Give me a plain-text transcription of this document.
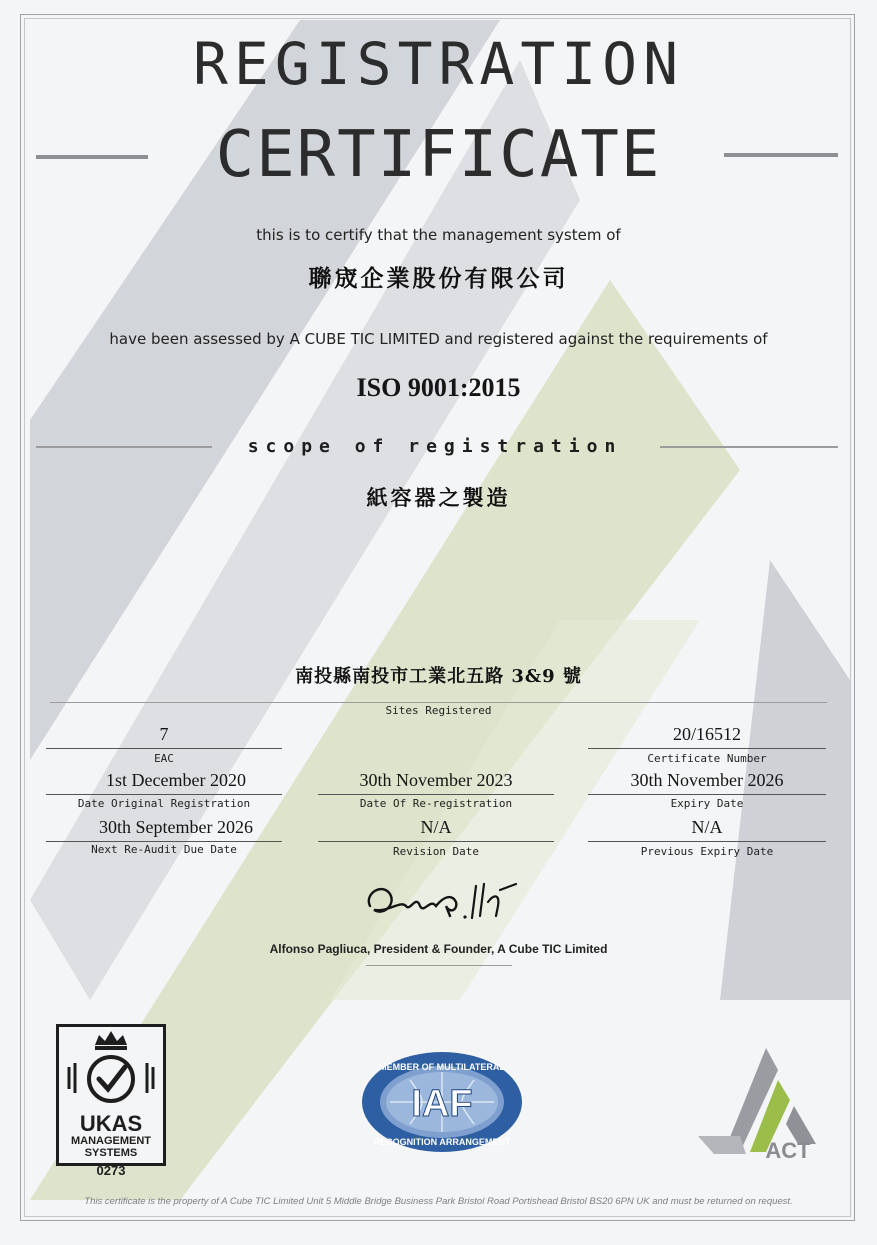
REGISTRATION
CERTIFICATE
this is to certify that the management system of
聯宬企業股份有限公司
have been assessed by A CUBE TIC LIMITED and registered against the requirements of
ISO 9001:2015
scope of registration
紙容器之製造
南投縣南投市工業北五路 3&9 號
Sites Registered
7
EAC
20/16512
Certificate Number
1st December 2020
Date Original Registration
30th November 2023
Date Of Re-registration
30th November 2026
Expiry Date
30th September 2026
Next Re-Audit Due Date
N/A
Revision Date
N/A
Previous Expiry Date
Alfonso Pagliuca, President & Founder, A Cube TIC Limited
UKAS
MANAGEMENT
SYSTEMS
0273
MEMBER OF MULTILATERAL
RECOGNITION ARRANGEMENT
IAF
ACT
This certificate is the property of A Cube TIC Limited Unit 5 Middle Bridge Business Park Bristol Road Portishead Bristol BS20 6PN UK and must be returned on request.
